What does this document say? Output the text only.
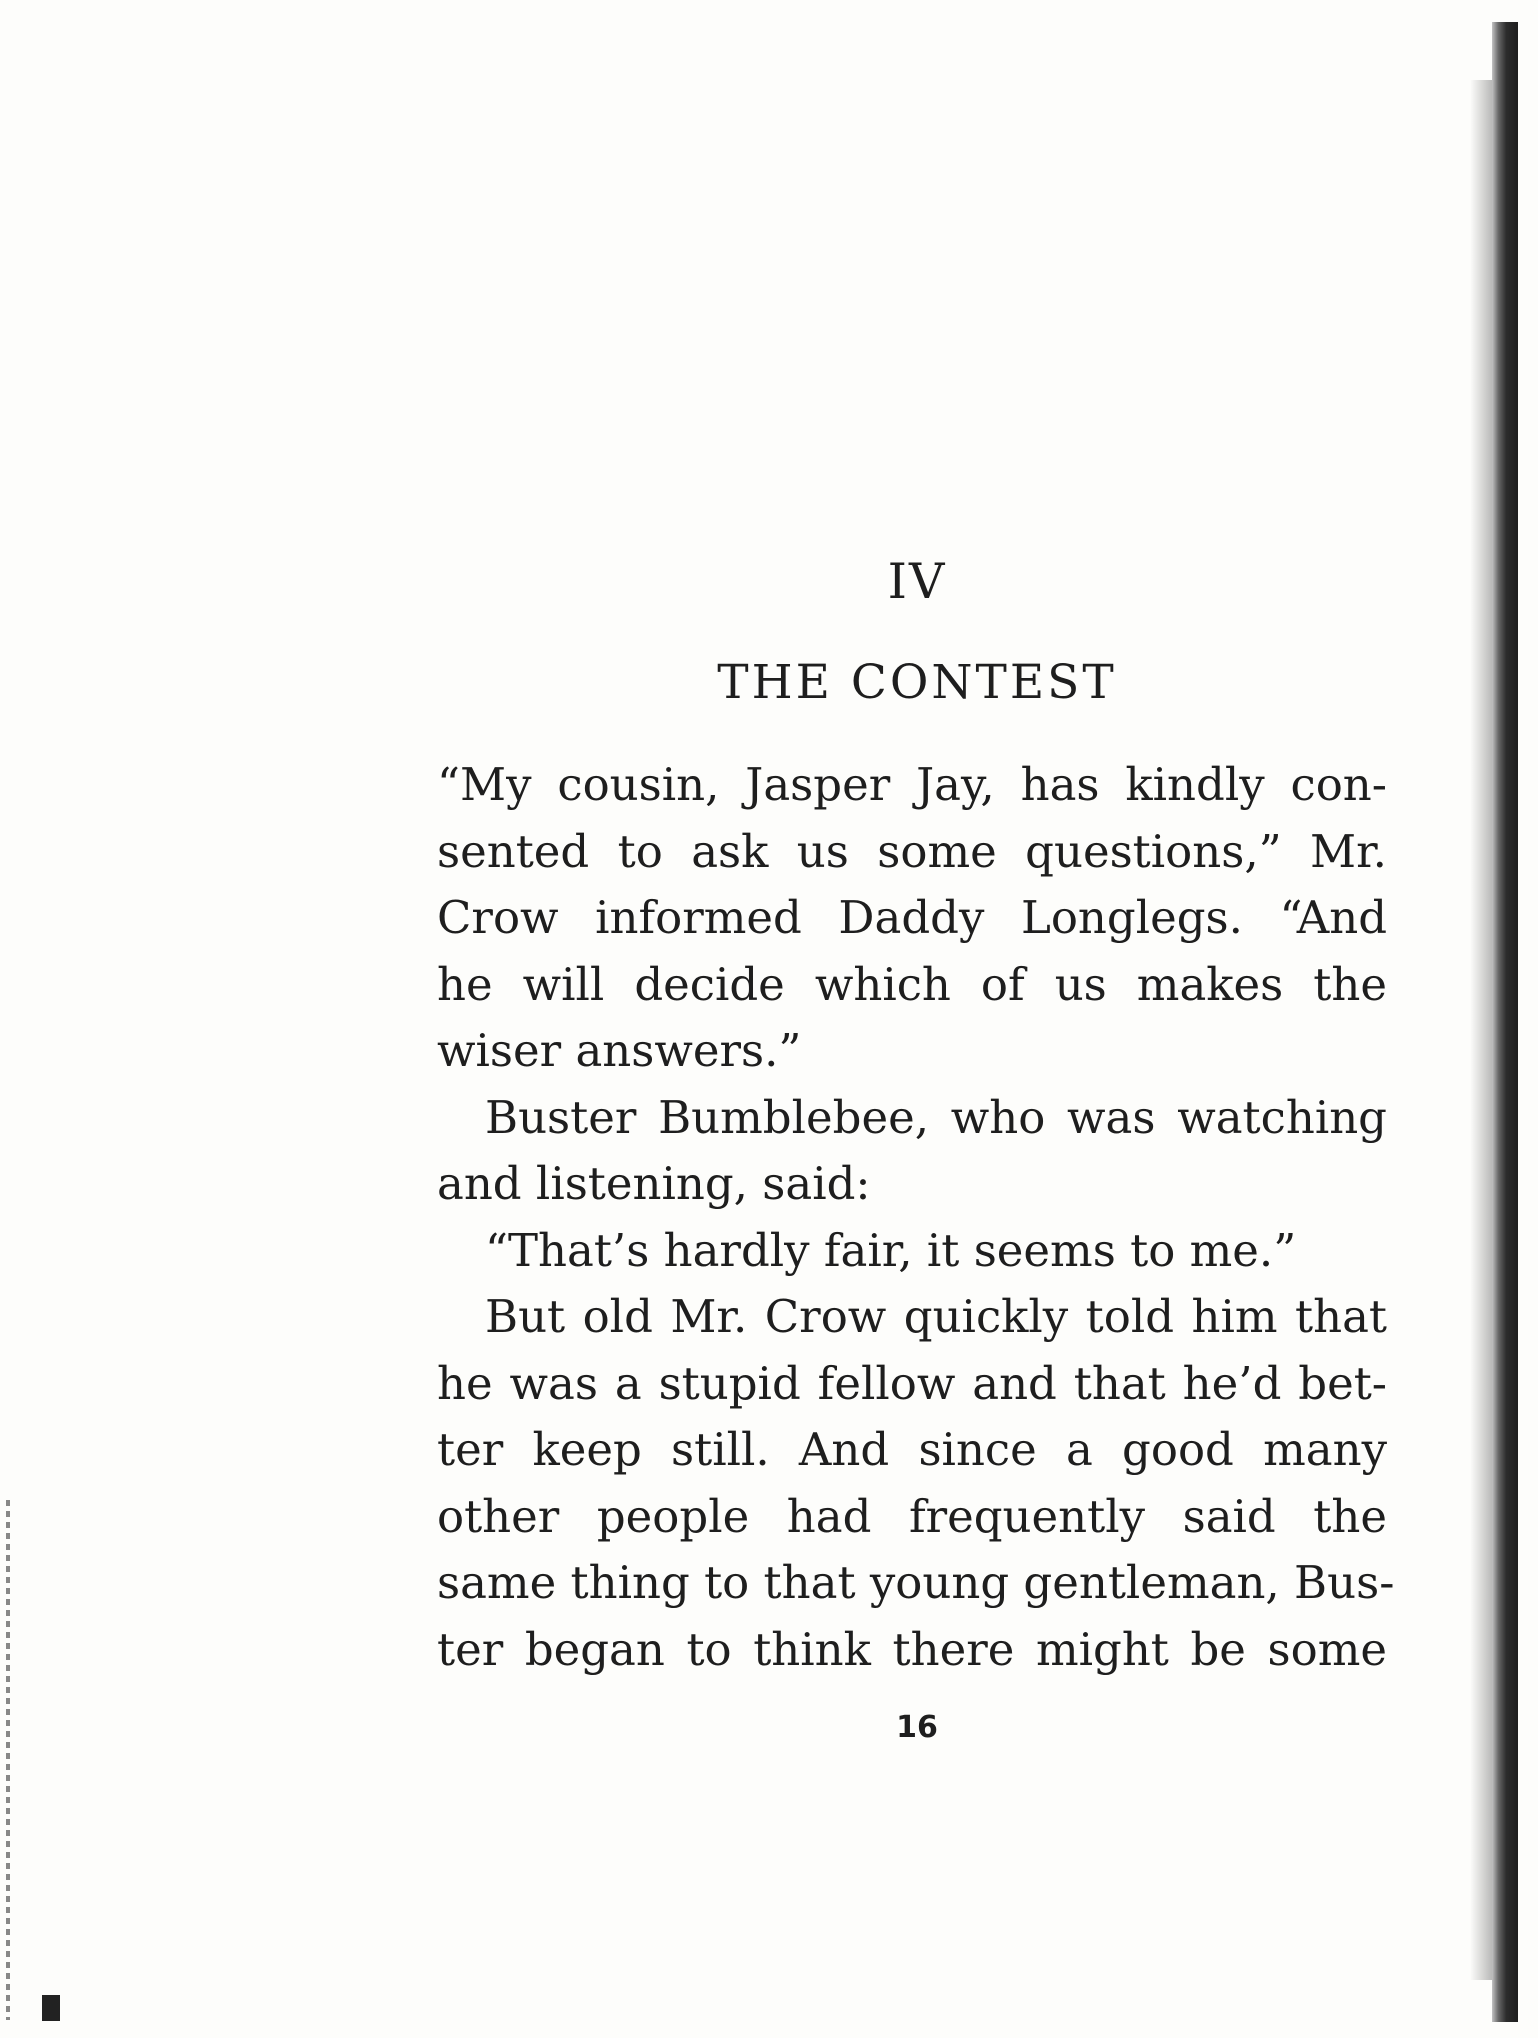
IV
THE CONTEST
“My cousin, Jasper Jay, has kindly con-
sented to ask us some questions,” Mr.
Crow informed Daddy Longlegs. “And
he will decide which of us makes the
wiser answers.”
Buster Bumblebee, who was watching
and listening, said:
“That’s hardly fair, it seems to me.”
But old Mr. Crow quickly told him that
he was a stupid fellow and that he’d bet-
ter keep still. And since a good many
other people had frequently said the
same thing to that young gentleman, Bus-
ter began to think there might be some
16
